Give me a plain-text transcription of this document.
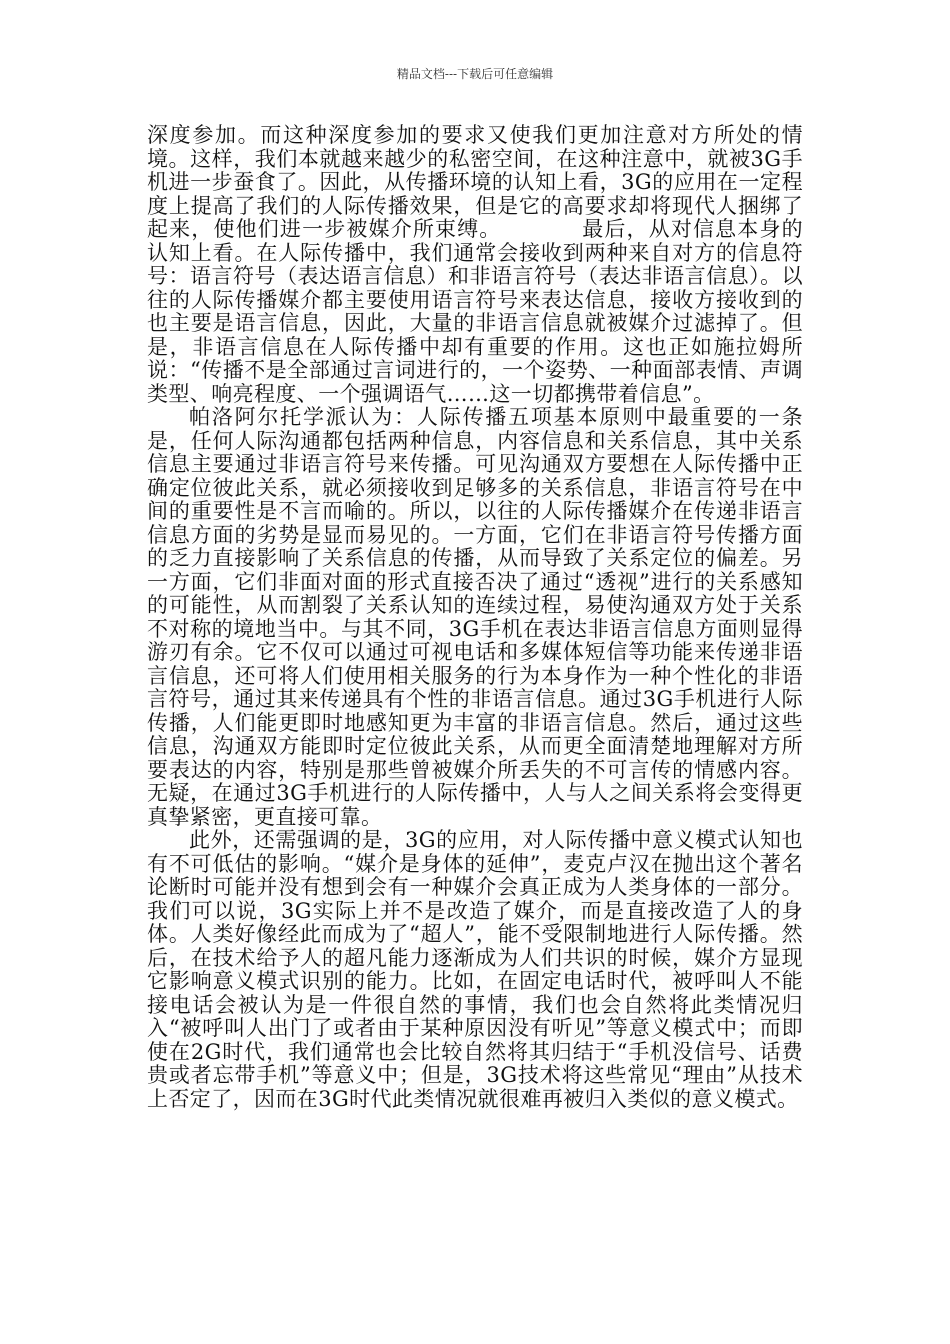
精品文档---下载后可任意编辑

深度参加。而这种深度参加的要求又使我们更加注意对方所处的情境。这样，我们本就越来越少的私密空间，在这种注意中，就被3G手机进一步蚕食了。因此，从传播环境的认知上看，3G的应用在一定程度上提高了我们的人际传播效果，但是它的高要求却将现代人捆绑了起来，使他们进一步被媒介所束缚。	最后，从对信息本身的认知上看。在人际传播中，我们通常会接收到两种来自对方的信息符号：语言符号（表达语言信息）和非语言符号（表达非语言信息）。以往的人际传播媒介都主要使用语言符号来表达信息，接收方接收到的也主要是语言信息，因此，大量的非语言信息就被媒介过滤掉了。但是，非语言信息在人际传播中却有重要的作用。这也正如施拉姆所说：“传播不是全部通过言词进行的，一个姿势、一种面部表情、声调类型、响亮程度、一个强调语气……这一切都携带着信息”。

帕洛阿尔托学派认为：人际传播五项基本原则中最重要的一条是，任何人际沟通都包括两种信息，内容信息和关系信息，其中关系信息主要通过非语言符号来传播。可见沟通双方要想在人际传播中正确定位彼此关系，就必须接收到足够多的关系信息，非语言符号在中间的重要性是不言而喻的。所以，以往的人际传播媒介在传递非语言信息方面的劣势是显而易见的。一方面，它们在非语言符号传播方面的乏力直接影响了关系信息的传播，从而导致了关系定位的偏差。另一方面，它们非面对面的形式直接否决了通过“透视”进行的关系感知的可能性，从而割裂了关系认知的连续过程，易使沟通双方处于关系不对称的境地当中。与其不同，3G手机在表达非语言信息方面则显得游刃有余。它不仅可以通过可视电话和多媒体短信等功能来传递非语言信息，还可将人们使用相关服务的行为本身作为一种个性化的非语言符号，通过其来传递具有个性的非语言信息。通过3G手机进行人际传播，人们能更即时地感知更为丰富的非语言信息。然后，通过这些信息，沟通双方能即时定位彼此关系，从而更全面清楚地理解对方所要表达的内容，特别是那些曾被媒介所丢失的不可言传的情感内容。无疑，在通过3G手机进行的人际传播中，人与人之间关系将会变得更真挚紧密，更直接可靠。

此外，还需强调的是，3G的应用，对人际传播中意义模式认知也有不可低估的影响。“媒介是身体的延伸”，麦克卢汉在抛出这个著名论断时可能并没有想到会有一种媒介会真正成为人类身体的一部分。我们可以说，3G实际上并不是改造了媒介，而是直接改造了人的身体。人类好像经此而成为了“超人”，能不受限制地进行人际传播。然后，在技术给予人的超凡能力逐渐成为人们共识的时候，媒介方显现它影响意义模式识别的能力。比如，在固定电话时代，被呼叫人不能接电话会被认为是一件很自然的事情，我们也会自然将此类情况归入“被呼叫人出门了或者由于某种原因没有听见”等意义模式中；而即使在2G时代，我们通常也会比较自然将其归结于“手机没信号、话费贵或者忘带手机”等意义中；但是，3G技术将这些常见“理由”从技术上否定了，因而在3G时代此类情况就很难再被归入类似的意义模式。
